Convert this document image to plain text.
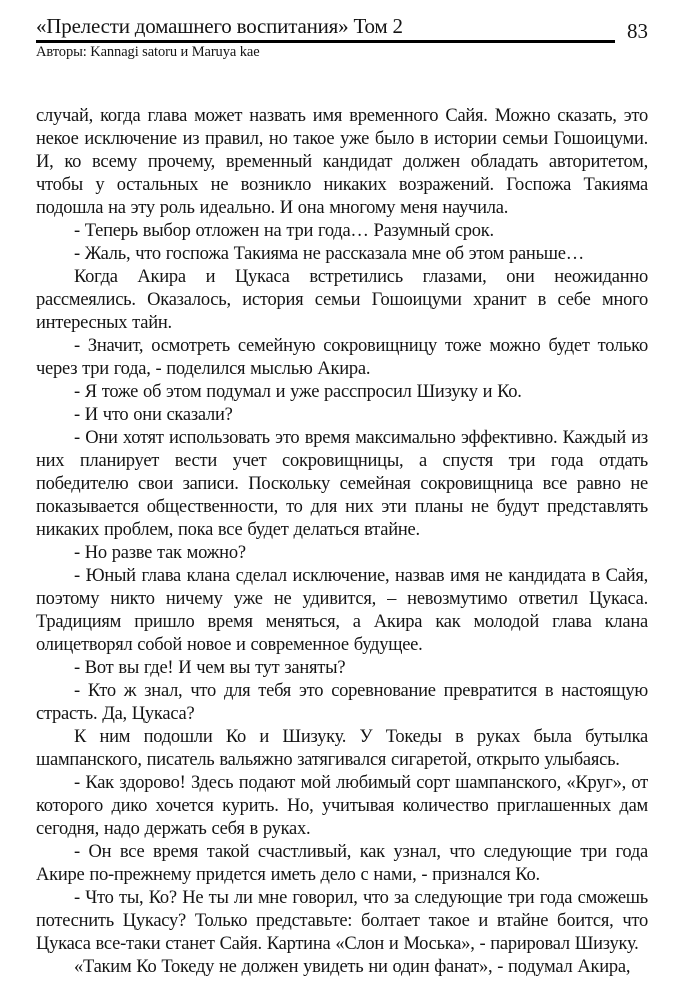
«Прелести домашнего воспитания» Том 2	83
Авторы: Kannagi satoru и Maruya kae

случай, когда глава может назвать имя временного Сайя. Можно сказать, это некое исключение из правил, но такое уже было в истории семьи Гошоицуми. И, ко всему прочему, временный кандидат должен обладать авторитетом, чтобы у остальных не возникло никаких возражений. Госпожа Такияма подошла на эту роль идеально. И она многому меня научила.

- Теперь выбор отложен на три года… Разумный срок.

- Жаль, что госпожа Такияма не рассказала мне об этом раньше…

Когда Акира и Цукаса встретились глазами, они неожиданно рассмеялись. Оказалось, история семьи Гошоицуми хранит в себе много интересных тайн.

- Значит, осмотреть семейную сокровищницу тоже можно будет только через три года, - поделился мыслью Акира.

- Я тоже об этом подумал и уже расспросил Шизуку и Ко.

- И что они сказали?

- Они хотят использовать это время максимально эффективно. Каждый из них планирует вести учет сокровищницы, а спустя три года отдать победителю свои записи. Поскольку семейная сокровищница все равно не показывается общественности, то для них эти планы не будут представлять никаких проблем, пока все будет делаться втайне.

- Но разве так можно?

- Юный глава клана сделал исключение, назвав имя не кандидата в Сайя, поэтому никто ничему уже не удивится, – невозмутимо ответил Цукаса. Традициям пришло время меняться, а Акира как молодой глава клана олицетворял собой новое и современное будущее.

- Вот вы где! И чем вы тут заняты?

- Кто ж знал, что для тебя это соревнование превратится в настоящую страсть. Да, Цукаса?

К ним подошли Ко и Шизуку. У Токеды в руках была бутылка шампанского, писатель вальяжно затягивался сигаретой, открыто улыбаясь.

- Как здорово! Здесь подают мой любимый сорт шампанского, «Круг», от которого дико хочется курить. Но, учитывая количество приглашенных дам сегодня, надо держать себя в руках.

- Он все время такой счастливый, как узнал, что следующие три года Акире по-прежнему придется иметь дело с нами, - признался Ко.

- Что ты, Ко? Не ты ли мне говорил, что за следующие три года сможешь потеснить Цукасу? Только представьте: болтает такое и втайне боится, что Цукаса все-таки станет Сайя. Картина «Слон и Моська», - парировал Шизуку.

«Таким Ко Токеду не должен увидеть ни один фанат», - подумал Акира,
